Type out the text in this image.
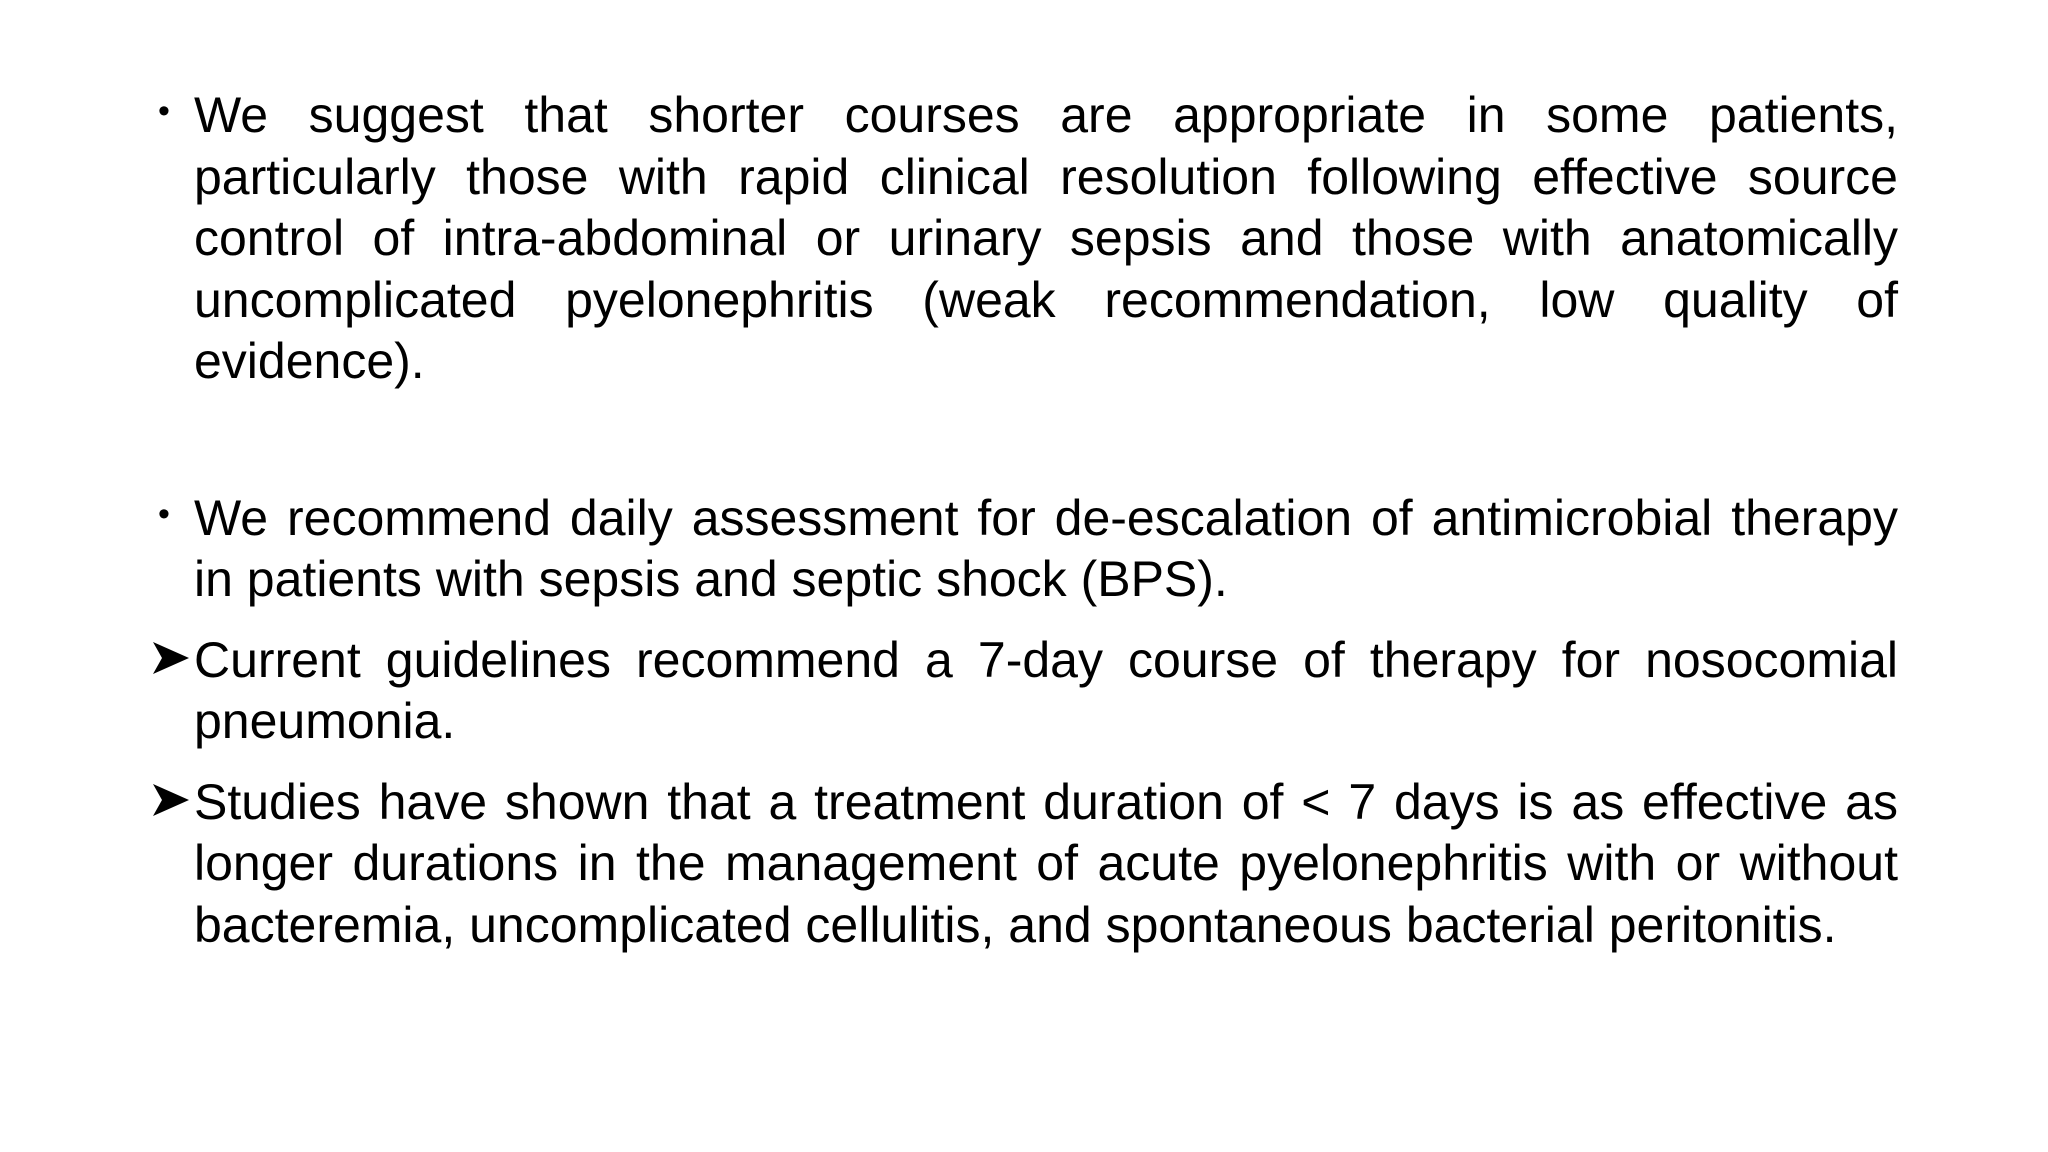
• We suggest that shorter courses are appropriate in some patients, particularly those with rapid clinical resolution following effective source control of intra-abdominal or urinary sepsis and those with anatomically uncomplicated pyelonephritis (weak recommendation, low quality of evidence).
• We recommend daily assessment for de-escalation of antimicrobial therapy in patients with sepsis and septic shock (BPS).
Current guidelines recommend a 7-day course of therapy for nosocomial pneumonia.
Studies have shown that a treatment duration of < 7 days is as effective as longer durations in the management of acute pyelonephritis with or without bacteremia, uncomplicated cellulitis, and spontaneous bacterial peritonitis.
